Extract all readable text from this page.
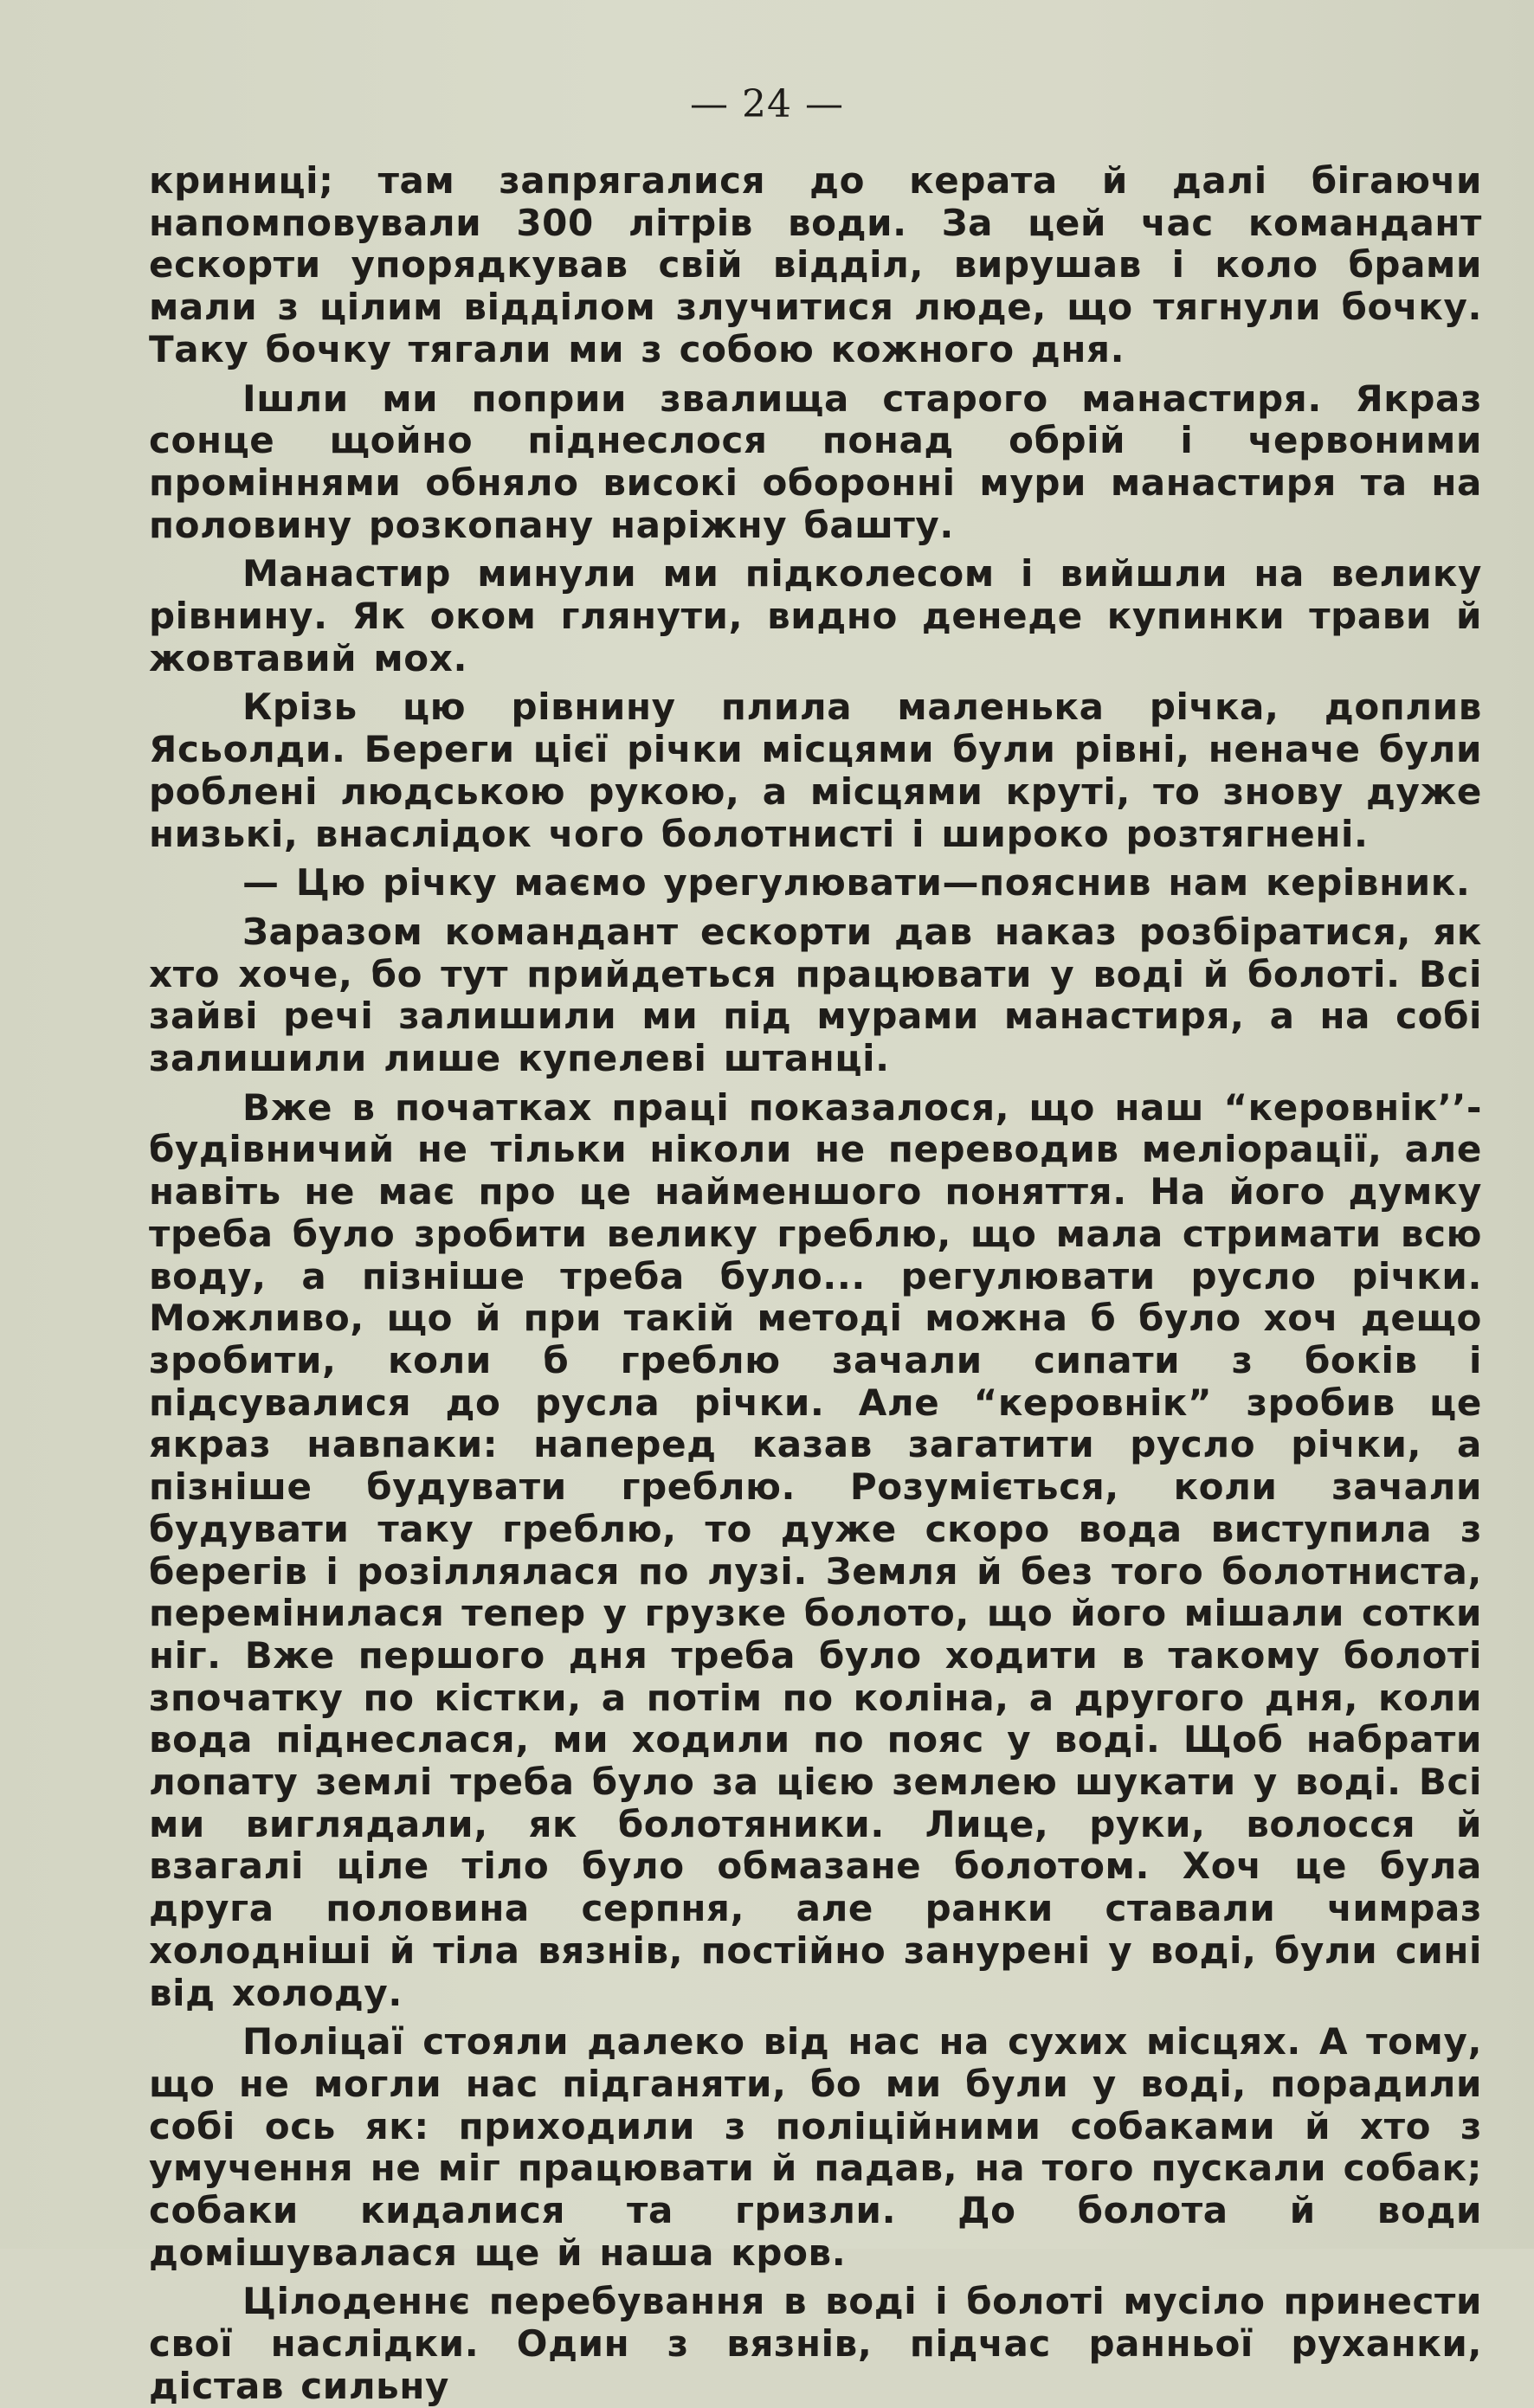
— 24 —

криниці; там запрягалися до керата й далі бігаючи напомповували 300 літрів води. За цей час командант ескорти упорядкував свій відділ, вирушав і коло брами мали з цілим відділом злучитися люде, що тягнули бочку. Таку бочку тягали ми з собою кожного дня.

Ішли ми поприи звалища старого манастиря. Якраз сонце щойно піднеслося понад обрій і червоними проміннями обняло високі оборонні мури манастиря та на половину розкопану наріжну башту.

Манастир минули ми підколесом і вийшли на велику рівнину. Як оком глянути, видно денеде купинки трави й жовтавий мох.

Крізь цю рівнину плила маленька річка, доплив Ясьолди. Береги цієї річки місцями були рівні, неначе були роблені людською рукою, а місцями круті, то знову дуже низькі, внаслідок чого болотнисті і широко розтягнені.

— Цю річку маємо урегулювати—пояснив нам керівник.

Заразом командант ескорти дав наказ розбіратися, як хто хоче, бо тут прийдеться працювати у воді й болоті. Всі зайві речі залишили ми під мурами манастиря, а на собі залишили лише купелеві штанці.

Вже в початках праці показалося, що наш “керовнік’’-будівничий не тільки ніколи не переводив меліорації, але навіть не має про це найменшого поняття. На його думку треба було зробити велику греблю, що мала стримати всю воду, а пізніше треба було... регулювати русло річки. Можливо, що й при такій методі можна б було хоч дещо зробити, коли б греблю зачали сипати з боків і підсувалися до русла річки. Але “керовнік” зробив це якраз навпаки: наперед казав загатити русло річки, а пізніше будувати греблю. Розуміється, коли зачали будувати таку греблю, то дуже скоро вода виступила з берегів і розіллялася по лузі. Земля й без того болотниста, перемінилася тепер у грузке болото, що його мішали сотки ніг. Вже першого дня треба було ходити в такому болоті зпочатку по кістки, а потім по коліна, а другого дня, коли вода піднеслася, ми ходили по пояс у воді. Щоб набрати лопату землі треба було за цією землею шукати у воді. Всі ми виглядали, як болотяники. Лице, руки, волосся й взагалі ціле тіло було обмазане болотом. Хоч це була друга половина серпня, але ранки ставали чимраз холодніші й тіла вязнів, постійно занурені у воді, були сині від холоду.

Поліцаї стояли далеко від нас на сухих місцях. А тому, що не могли нас підганяти, бо ми були у воді, порадили собі ось як: приходили з поліційними собаками й хто з умучення не міг працювати й падав, на того пускали собак; собаки кидалися та гризли. До болота й води домішувалася ще й наша кров.

Цілоденнє перебування в воді і болоті мусіло принести свої наслідки. Один з вязнів, підчас ранньої руханки, дістав сильну
